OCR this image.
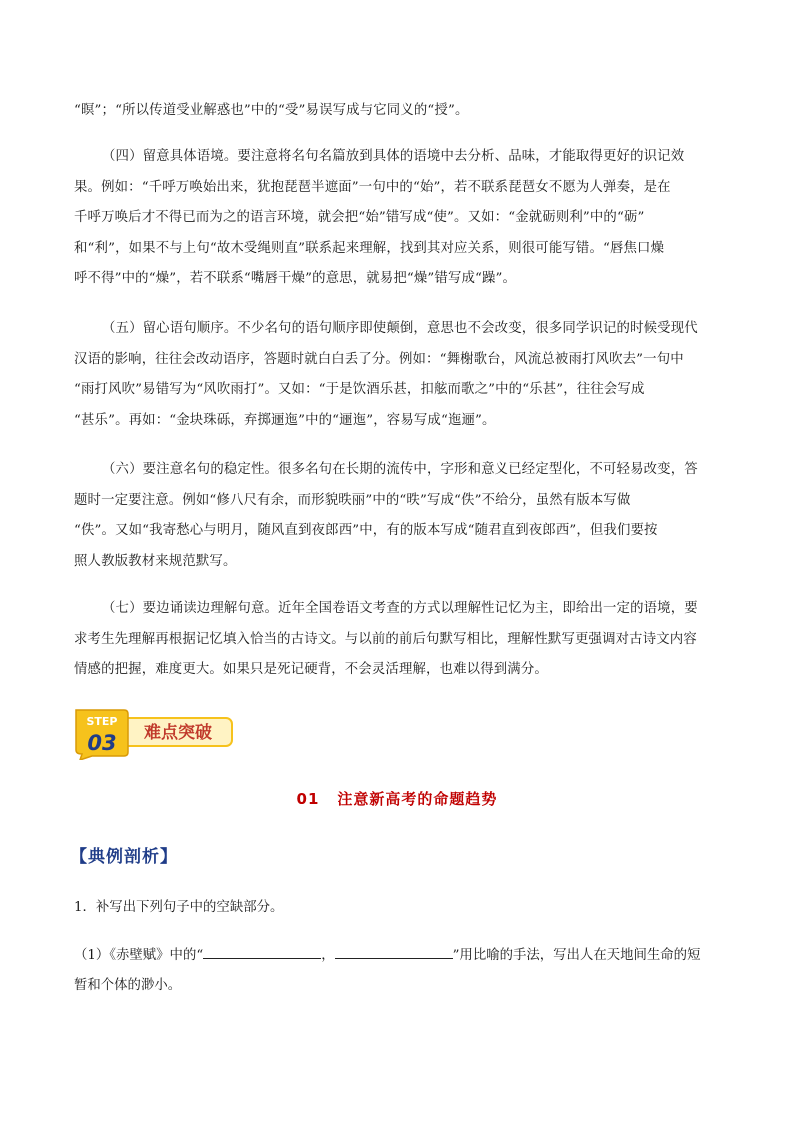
“暝”；“所以传道受业解惑也”中的“受”易误写成与它同义的“授”。
（四）留意具体语境。要注意将名句名篇放到具体的语境中去分析、品味，才能取得更好的识记效
果。例如：“千呼万唤始出来，犹抱琵琶半遮面”一句中的“始”，若不联系琵琶女不愿为人弹奏，是在
千呼万唤后才不得已而为之的语言环境，就会把“始”错写成“使”。又如：“金就砺则利”中的“砺”
和“利”，如果不与上句“故木受绳则直”联系起来理解，找到其对应关系，则很可能写错。“唇焦口燥
呼不得”中的“燥”，若不联系“嘴唇干燥”的意思，就易把“燥”错写成“躁”。
（五）留心语句顺序。不少名句的语句顺序即使颠倒，意思也不会改变，很多同学识记的时候受现代
汉语的影响，往往会改动语序，答题时就白白丢了分。例如：“舞榭歌台，风流总被雨打风吹去”一句中
“雨打风吹”易错写为“风吹雨打”。又如：“于是饮酒乐甚，扣舷而歌之”中的“乐甚”，往往会写成
“甚乐”。再如：“金块珠砾，弃掷逦迤”中的“逦迤”，容易写成“迤逦”。
（六）要注意名句的稳定性。很多名句在长期的流传中，字形和意义已经定型化，不可轻易改变，答
题时一定要注意。例如“修八尺有余，而形貌昳丽”中的“昳”写成“佚”不给分，虽然有版本写做
“佚”。又如“我寄愁心与明月，随风直到夜郎西”中，有的版本写成“随君直到夜郎西”，但我们要按
照人教版教材来规范默写。
（七）要边诵读边理解句意。近年全国卷语文考查的方式以理解性记忆为主，即给出一定的语境，要
求考生先理解再根据记忆填入恰当的古诗文。与以前的前后句默写相比，理解性默写更强调对古诗文内容
情感的把握，难度更大。如果只是死记硬背，不会灵活理解，也难以得到满分。
STEP
03 难点突破
01 注意新高考的命题趋势
【典例剖析】
1．补写出下列句子中的空缺部分。
（1）《赤壁赋》中的“	，	”用比喻的手法，写出人在天地间生命的短
暂和个体的渺小。
